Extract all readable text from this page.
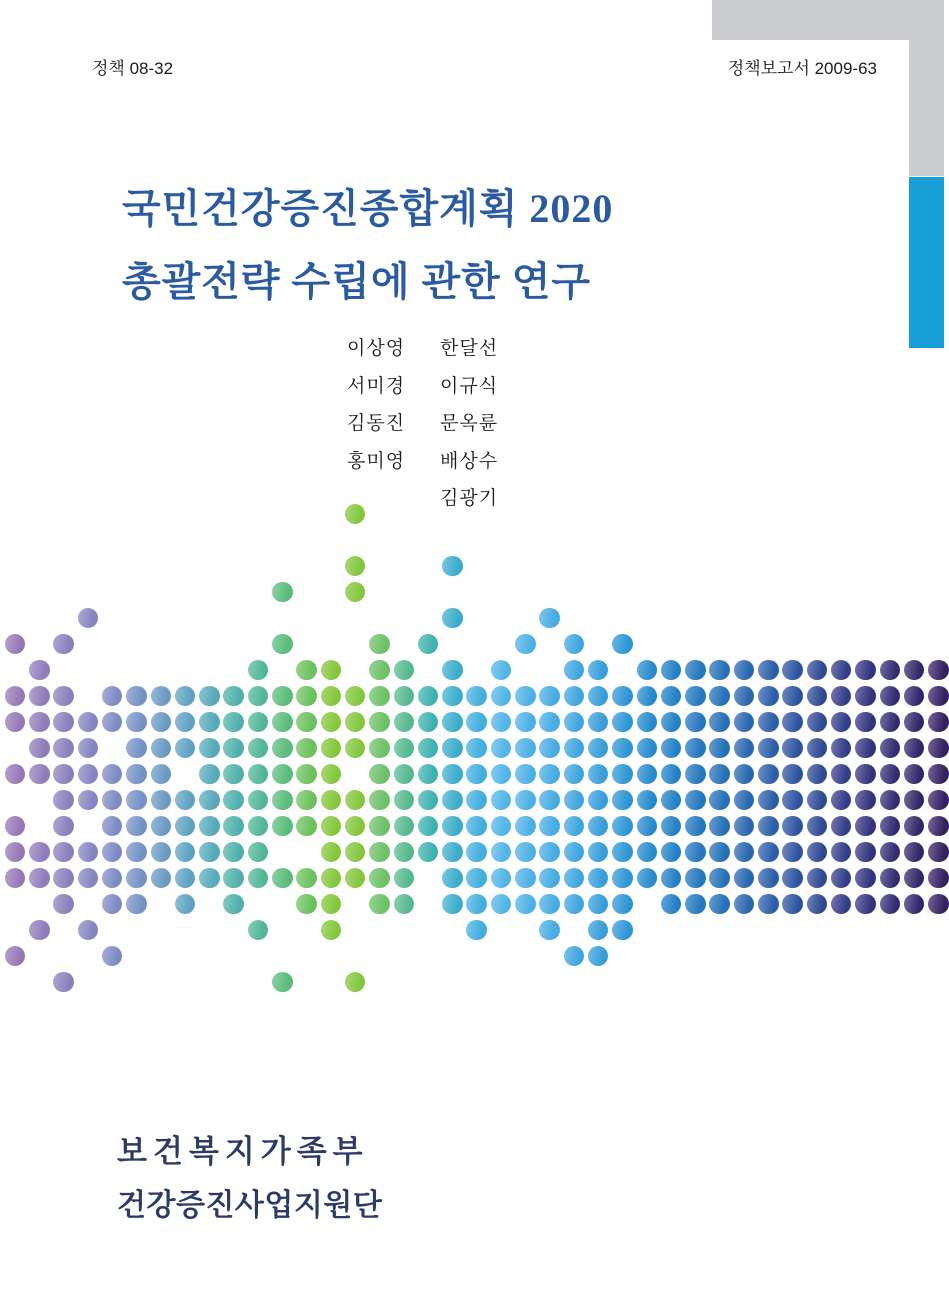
정책 08-32	정책보고서 2009-63
국민건강증진종합계획 2020
총괄전략 수립에 관한 연구
이상영
서미경
김동진
홍미영
한달선
이규식
문옥륜
배상수
김광기
보건복지가족부
건강증진사업지원단
